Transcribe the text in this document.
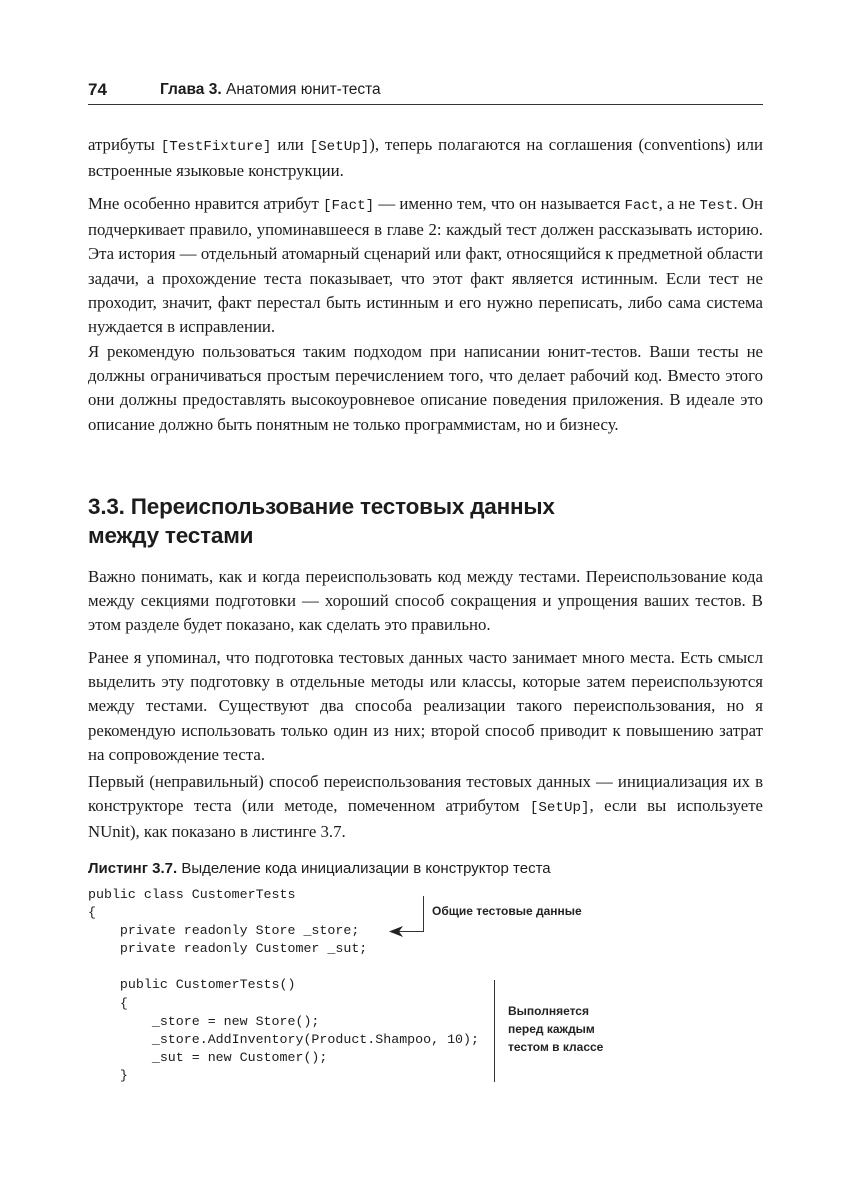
74	Глава 3. Анатомия юнит-теста

атрибуты [TestFixture] или [SetUp]), теперь полагаются на соглашения (conventions) или встроенные языковые конструкции.

Мне особенно нравится атрибут [Fact] — именно тем, что он называется Fact, а не Test. Он подчеркивает правило, упоминавшееся в главе 2: каждый тест должен рассказывать историю. Эта история — отдельный атомарный сценарий или факт, относящийся к предметной области задачи, а прохождение теста показывает, что этот факт является истинным. Если тест не проходит, значит, факт перестал быть истинным и его нужно переписать, либо сама система нуждается в исправлении.

Я рекомендую пользоваться таким подходом при написании юнит-тестов. Ваши тесты не должны ограничиваться простым перечислением того, что делает рабочий код. Вместо этого они должны предоставлять высокоуровневое описание поведения приложения. В идеале это описание должно быть понятным не только программистам, но и бизнесу.

3.3. Переиспользование тестовых данных
между тестами

Важно понимать, как и когда переиспользовать код между тестами. Переиспользование кода между секциями подготовки — хороший способ сокращения и упрощения ваших тестов. В этом разделе будет показано, как сделать это правильно.

Ранее я упоминал, что подготовка тестовых данных часто занимает много места. Есть смысл выделить эту подготовку в отдельные методы или классы, которые затем переиспользуются между тестами. Существуют два способа реализации такого переиспользования, но я рекомендую использовать только один из них; второй способ приводит к повышению затрат на сопровождение теста.

Первый (неправильный) способ переиспользования тестовых данных — инициализация их в конструкторе теста (или методе, помеченном атрибутом [SetUp], если вы используете NUnit), как показано в листинге 3.7.

Листинг 3.7. Выделение кода инициализации в конструктор теста
public class CustomerTests
{
private readonly Store _store;
private readonly Customer _sut;

public CustomerTests()
{
_store = new Store();
_store.AddInventory(Product.Shampoo, 10);
_sut = new Customer();
}
Общие тестовые данные
Выполняется
перед каждым
тестом в классе
